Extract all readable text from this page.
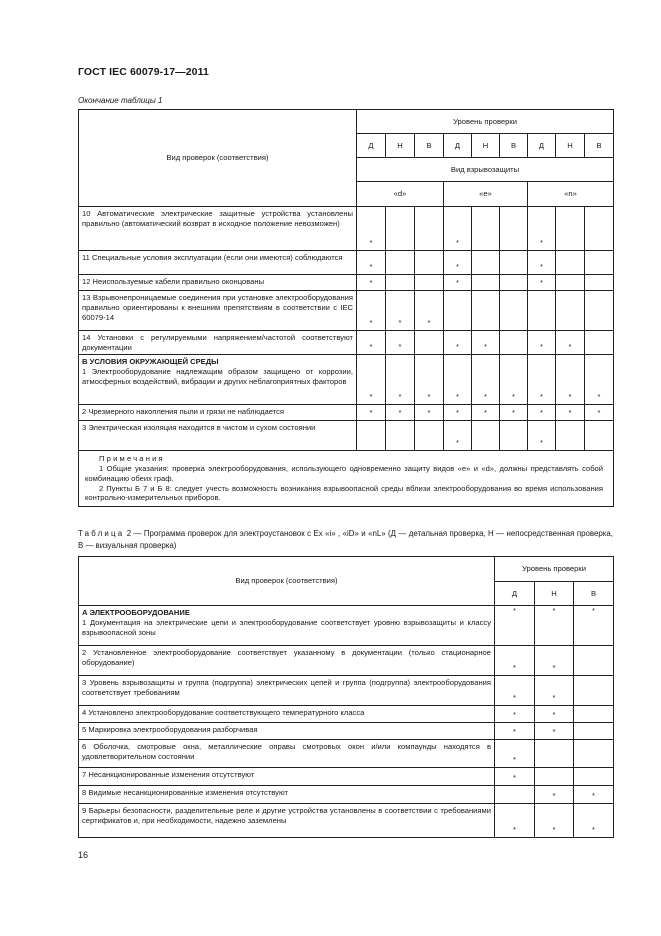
ГОСТ IEC 60079-17—2011
Окончание таблицы 1
Вид проверок (соответствия)	Уровень проверки								
	Д	Н	В	Д	Н	В	Д	Н	В
	Вид взрывозащиты								
	«d»			«e»			«n»		

10 Автоматические электрические защитные устройства установлены правильно (автоматический возврат в исходное положение невозможен)	*			*			*		

11 Специальные условия эксплуатации (если они имеются) соблюдаются	*			*			*		

12 Неиспользуемые кабели правильно оконцованы	*			*			*		

13 Взрывонепроницаемые соединения при установке электрооборудования правильно ориентированы к внешним препятствиям в соответствии с IEC 60079-14	*	*	*						

14 Установки с регулируемыми напряжением/частотой соответствуют документации	*	*		*	*		*	*	

В УСЛОВИЯ ОКРУЖАЮЩЕЙ СРЕДЫ
1 Электрооборудование надлежащим образом защищено от коррозии, атмосферных воздействий, вибрации и других неблагоприятных факторов	*	*	*	*	*	*	*	*	*

2 Чрезмерного накопления пыли и грязи не наблюдается	*	*	*	*	*	*	*	*	*

3 Электрическая изоляция находится в чистом и сухом состоянии				*			*		

Примечания

1 Общие указания: проверка электрооборудования, использующего одновременно защиту видов «e» и «d», должны представлять собой комбинацию обеих граф.

2 Пункты Б 7 и Б 8: следует учесть возможность возникания взрывоопасной среды вблизи электрооборудования во время использования контрольно-измерительных приборов.									

Таблица 2 — Программа проверок для электроустановок с Ex «i» , «iD» и «nL» (Д — детальная проверка, Н — непосредственная проверка, В — визуальная проверка)
Вид проверок (соответствия)	Уровень проверки		
	Д	Н	В

А ЭЛЕКТРООБОРУДОВАНИЕ
1 Документация на электрические цепи и электрооборудование соответствует уровню взрывозащиты и классу взрывоопасной зоны	*	*	*

2 Установленное электрооборудование соответствует указанному в документации (только стационарное оборудование)	*	*	

3 Уровень взрывозащиты и группа (подгруппа) электрических цепей и группа (подгруппа) электрооборудования соответствует требованиям	*	*	

4 Установлено электрооборудование соответствующего температурного класса	*	*	

5 Маркировка электрооборудования разборчивая	*	*	

6 Оболочка, смотровые окна, металлические оправы смотровых окон и/или компаунды находятся в удовлетворительном состоянии	*		

7 Несанкционированные изменения отсутствуют	*		

8 Видимые несанкционированные изменения отсутствуют		*	*

9 Барьеры безопасности, разделительные реле и другие устройства установлены в соответствии с требованиями сертификатов и, при необходимости, надежно заземлены	*	*	*
16
